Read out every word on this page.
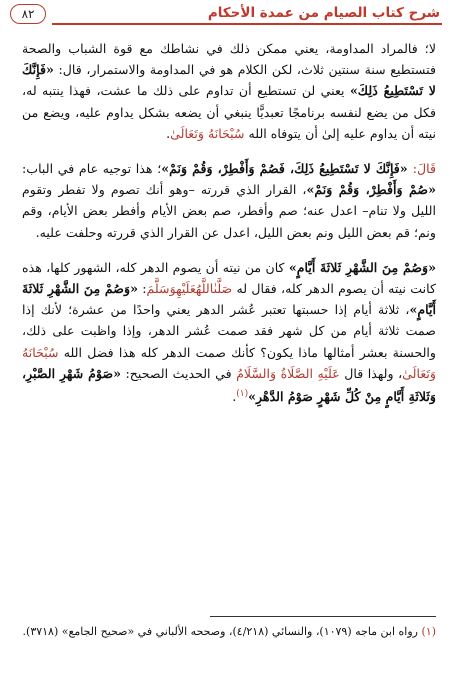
شرح كتاب الصيام من عمدة الأحكام
٨٢

لا؛ فالمراد المداومة، يعني ممكن ذلك في نشاطك مع قوة الشباب والصحة فتستطيع سنة سنتين ثلاث، لكن الكلام هو في المداومة والاستمرار، قال: «فَإِنَّكَ لا تَسْتَطِيعُ ذَلِكَ» يعني لن تستطيع أن تداوم على ذلك ما عشت، فهذا ينتبه له، فكل من يضع لنفسه برنامجًا تعبديًّا ينبغي أن يضعه بشكل يداوم عليه، ويضع من نيته أن يداوم عليه إلىٰ أن يتوفاه الله سُبْحَانَهُ وَتَعَالَىٰ.

قَالَ: «فَإِنَّكَ لا تَسْتَطِيعُ ذَلِكَ، فَصُمْ وَأَفْطِرْ، وَقُمْ وَنَمْ»؛ هذا توجيه عام في الباب: «صُمْ وَأَفْطِرْ، وَقُمْ وَنَمْ»، القرار الذي قررته –وهو أنك تصوم ولا تفطر وتقوم الليل ولا تنام– اعدل عنه؛ صم وأفطر، صم بعض الأيام وأفطر بعض الأيام، وقم ونم؛ قم بعض الليل ونم بعض الليل، اعدل عن القرار الذي قررته وحلفت عليه.

«وَصُمْ مِنَ الشَّهْرِ ثَلاثَةَ أَيَّامٍ» كان من نيته أن يصوم الدهر كله، الشهور كلها، هذه كانت نيته أن يصوم الدهر كله، فقال له صَلَّىٰاللَّهُعَلَيْهِوَسَلَّمَ: «وَصُمْ مِنَ الشَّهْرِ ثَلاثَةَ أَيَّامٍ»، ثلاثة أيام إذا حسبتها تعتبر عُشر الدهر يعني واحدًا من عشرة؛ لأنك إذا صمت ثلاثة أيام من كل شهر فقد صمت عُشر الدهر، وإذا واظبت على ذلك، والحسنة بعشر أمثالها ماذا يكون؟ كأنك صمت الدهر كله هذا فضل الله سُبْحَانَهُ وَتَعَالَىٰ، ولهذا قال عَلَيْهِ الصَّلَاةُ وَالسَّلَامُ في الحديث الصحيح: «صَوْمُ شَهْرِ الصَّبْرِ، وَثَلاثَةِ أَيَّامٍ مِنْ كُلِّ شَهْرٍ صَوْمُ الدَّهْرِ»$^{(١)}$.

(١) رواه ابن ماجه (١٠٧٩)، والنسائي (٤/٢١٨)، وصححه الألباني في «صحيح الجامع» (٣٧١٨).
